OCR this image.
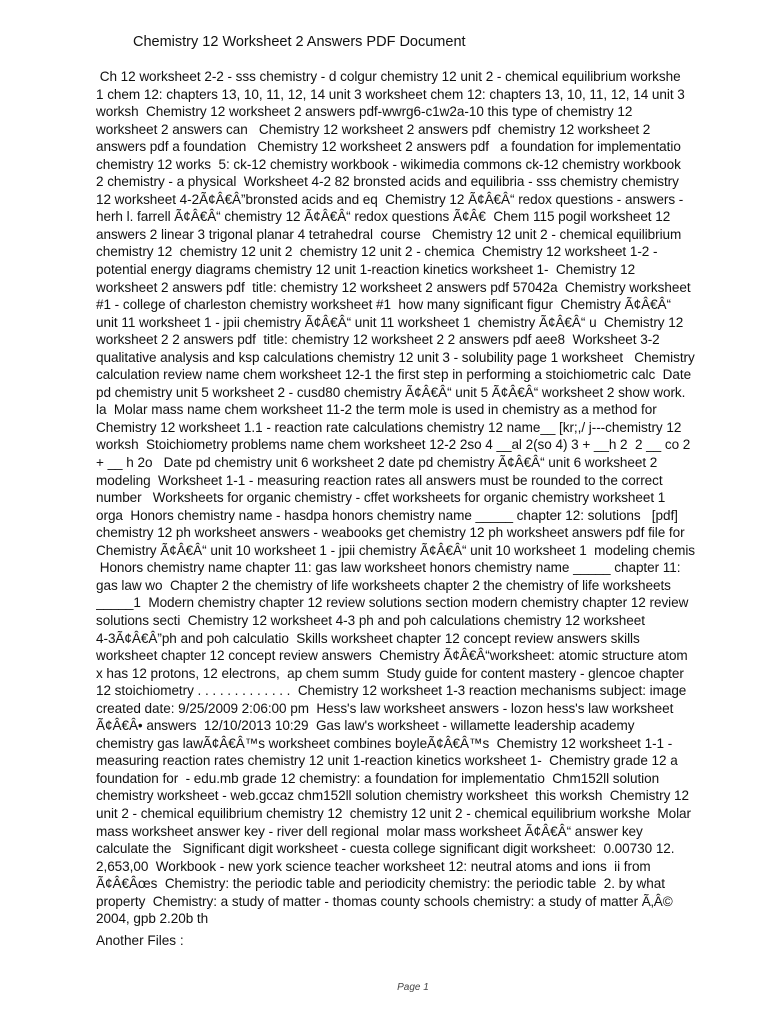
Chemistry 12 Worksheet 2 Answers PDF Document
Ch 12 worksheet 2-2 - sss chemistry - d colgur chemistry 12 unit 2 - chemical equilibrium workshe
1 chem 12: chapters 13, 10, 11, 12, 14 unit 3 worksheet chem 12: chapters 13, 10, 11, 12, 14 unit 3
worksh  Chemistry 12 worksheet 2 answers pdf-wwrg6-c1w2a-10 this type of chemistry 12
worksheet 2 answers can   Chemistry 12 worksheet 2 answers pdf  chemistry 12 worksheet 2
answers pdf a foundation   Chemistry 12 worksheet 2 answers pdf   a foundation for implementatio
chemistry 12 works  5: ck-12 chemistry workbook - wikimedia commons ck-12 chemistry workbook
2 chemistry - a physical  Worksheet 4-2 82 bronsted acids and equilibria - sss chemistry chemistry
12 worksheet 4-2Ã¢Â€Â”bronsted acids and eq  Chemistry 12 Ã¢Â€Â“ redox questions - answers -
herh l. farrell Ã¢Â€Â“ chemistry 12 Ã¢Â€Â“ redox questions Ã¢Â€  Chem 115 pogil worksheet 12
answers 2 linear 3 trigonal planar 4 tetrahedral  course   Chemistry 12 unit 2 - chemical equilibrium
chemistry 12  chemistry 12 unit 2  chemistry 12 unit 2 - chemica  Chemistry 12 worksheet 1-2 -
potential energy diagrams chemistry 12 unit 1-reaction kinetics worksheet 1-  Chemistry 12
worksheet 2 answers pdf  title: chemistry 12 worksheet 2 answers pdf 57042a  Chemistry worksheet
#1 - college of charleston chemistry worksheet #1  how many significant figur  Chemistry Ã¢Â€Â“
unit 11 worksheet 1 - jpii chemistry Ã¢Â€Â“ unit 11 worksheet 1  chemistry Ã¢Â€Â“ u  Chemistry 12
worksheet 2 2 answers pdf  title: chemistry 12 worksheet 2 2 answers pdf aee8  Worksheet 3-2
qualitative analysis and ksp calculations chemistry 12 unit 3 - solubility page 1 worksheet   Chemistry
calculation review name chem worksheet 12-1 the first step in performing a stoichiometric calc  Date
pd chemistry unit 5 worksheet 2 - cusd80 chemistry Ã¢Â€Â“ unit 5 Ã¢Â€Â“ worksheet 2 show work.
la  Molar mass name chem worksheet 11-2 the term mole is used in chemistry as a method for
Chemistry 12 worksheet 1.1 - reaction rate calculations chemistry 12 name__ [kr;,/ j---chemistry 12
worksh  Stoichiometry problems name chem worksheet 12-2 2so 4 __al 2(so 4) 3 + __h 2  2 __ co 2
+ __ h 2o   Date pd chemistry unit 6 worksheet 2 date pd chemistry Ã¢Â€Â“ unit 6 worksheet 2
modeling  Worksheet 1-1 - measuring reaction rates all answers must be rounded to the correct
number   Worksheets for organic chemistry - cffet worksheets for organic chemistry worksheet 1
orga  Honors chemistry name - hasdpa honors chemistry name _____ chapter 12: solutions   [pdf]
chemistry 12 ph worksheet answers - weabooks get chemistry 12 ph worksheet answers pdf file for
Chemistry Ã¢Â€Â“ unit 10 worksheet 1 - jpii chemistry Ã¢Â€Â“ unit 10 worksheet 1  modeling chemis
Honors chemistry name chapter 11: gas law worksheet honors chemistry name _____ chapter 11:
gas law wo  Chapter 2 the chemistry of life worksheets chapter 2 the chemistry of life worksheets
_____1  Modern chemistry chapter 12 review solutions section modern chemistry chapter 12 review
solutions secti  Chemistry 12 worksheet 4-3 ph and poh calculations chemistry 12 worksheet
4-3Ã¢Â€Â”ph and poh calculatio  Skills worksheet chapter 12 concept review answers skills
worksheet chapter 12 concept review answers  Chemistry Ã¢Â€Â“worksheet: atomic structure atom
x has 12 protons, 12 electrons,  ap chem summ  Study guide for content mastery - glencoe chapter
12 stoichiometry . . . . . . . . . . . . .  Chemistry 12 worksheet 1-3 reaction mechanisms subject: image
created date: 9/25/2009 2:06:00 pm  Hess's law worksheet answers - lozon hess's law worksheet
Ã¢Â€Â• answers  12/10/2013 10:29  Gas law's worksheet - willamette leadership academy
chemistry gas lawÃ¢Â€Â™s worksheet combines boyleÃ¢Â€Â™s  Chemistry 12 worksheet 1-1 -
measuring reaction rates chemistry 12 unit 1-reaction kinetics worksheet 1-  Chemistry grade 12 a
foundation for  - edu.mb grade 12 chemistry: a foundation for implementatio  Chm152ll solution
chemistry worksheet - web.gccaz chm152ll solution chemistry worksheet  this worksh  Chemistry 12
unit 2 - chemical equilibrium chemistry 12  chemistry 12 unit 2 - chemical equilibrium workshe  Molar
mass worksheet answer key - river dell regional  molar mass worksheet Ã¢Â€Â“ answer key
calculate the   Significant digit worksheet - cuesta college significant digit worksheet:  0.00730 12.
2,653,00  Workbook - new york science teacher worksheet 12: neutral atoms and ions  ii from
Ã¢Â€Âœs  Chemistry: the periodic table and periodicity chemistry: the periodic table  2. by what
property  Chemistry: a study of matter - thomas county schools chemistry: a study of matter Ã‚Â©
2004, gpb 2.20b th
Another Files :
Page 1
